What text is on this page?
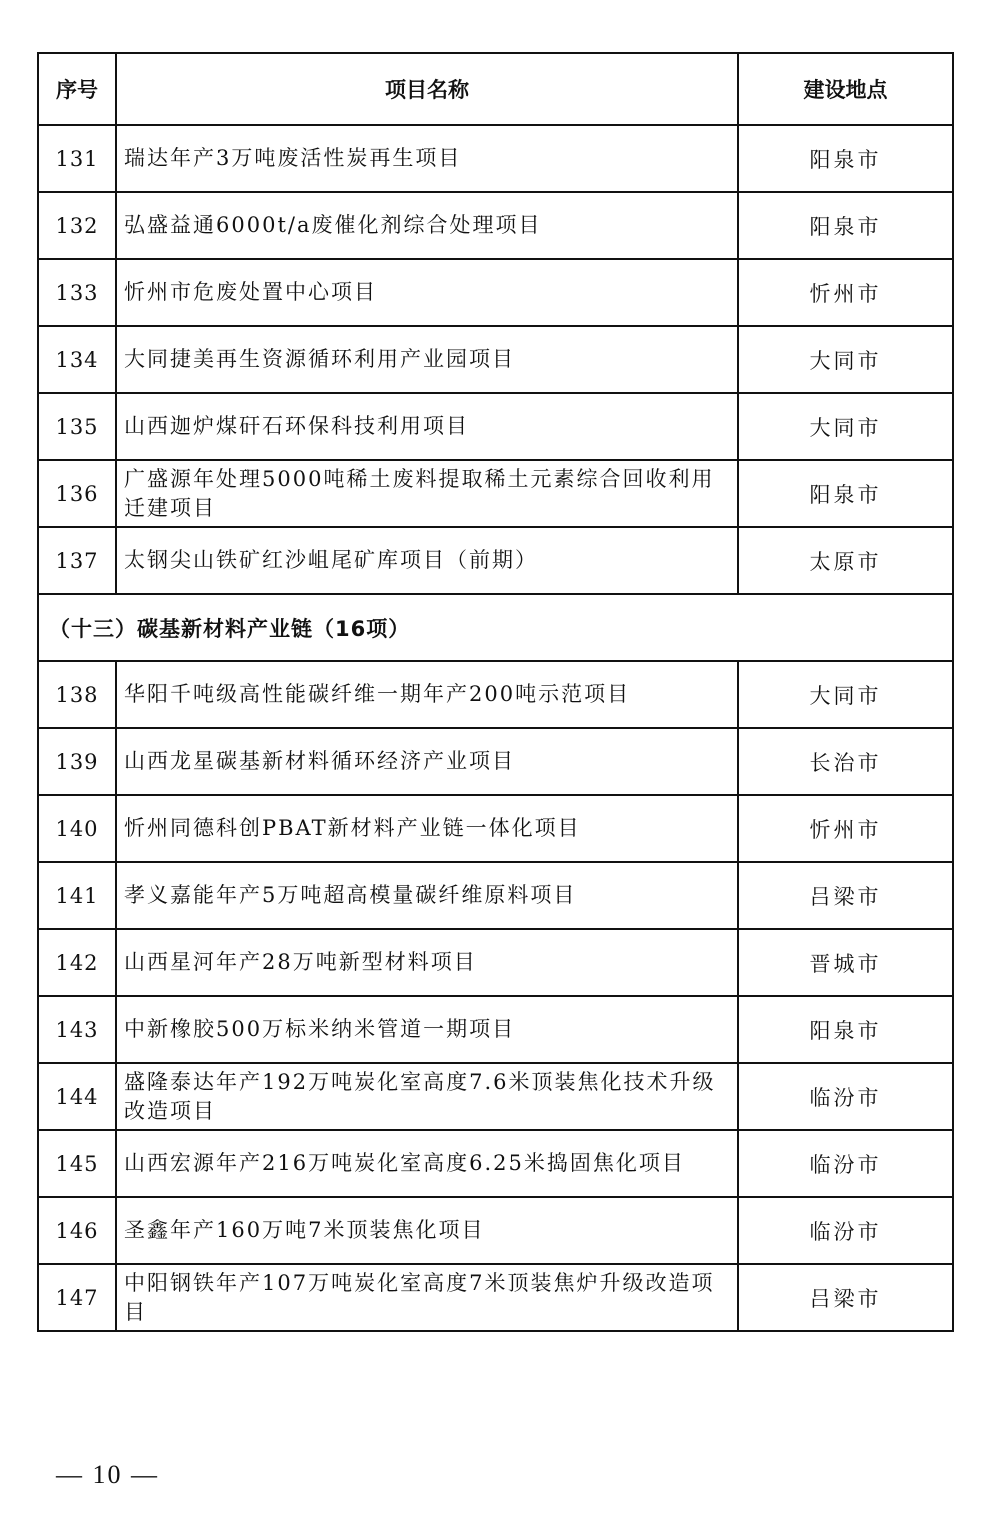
序号	项目名称	建设地点
131	瑞达年产3万吨废活性炭再生项目	阳泉市
132	弘盛益通6000t/a废催化剂综合处理项目	阳泉市
133	忻州市危废处置中心项目	忻州市
134	大同捷美再生资源循环利用产业园项目	大同市
135	山西迦炉煤矸石环保科技利用项目	大同市
136	广盛源年处理5000吨稀土废料提取稀土元素综合回收利用迁建项目	阳泉市
137	太钢尖山铁矿红沙岨尾矿库项目（前期）	太原市
（十三）碳基新材料产业链（16项）		
138	华阳千吨级高性能碳纤维一期年产200吨示范项目	大同市
139	山西龙星碳基新材料循环经济产业项目	长治市
140	忻州同德科创PBAT新材料产业链一体化项目	忻州市
141	孝义嘉能年产5万吨超高模量碳纤维原料项目	吕梁市
142	山西星河年产28万吨新型材料项目	晋城市
143	中新橡胶500万标米纳米管道一期项目	阳泉市
144	盛隆泰达年产192万吨炭化室高度7.6米顶装焦化技术升级改造项目	临汾市
145	山西宏源年产216万吨炭化室高度6.25米捣固焦化项目	临汾市
146	圣鑫年产160万吨7米顶装焦化项目	临汾市
147	中阳钢铁年产107万吨炭化室高度7米顶装焦炉升级改造项目	吕梁市
— 10 —
